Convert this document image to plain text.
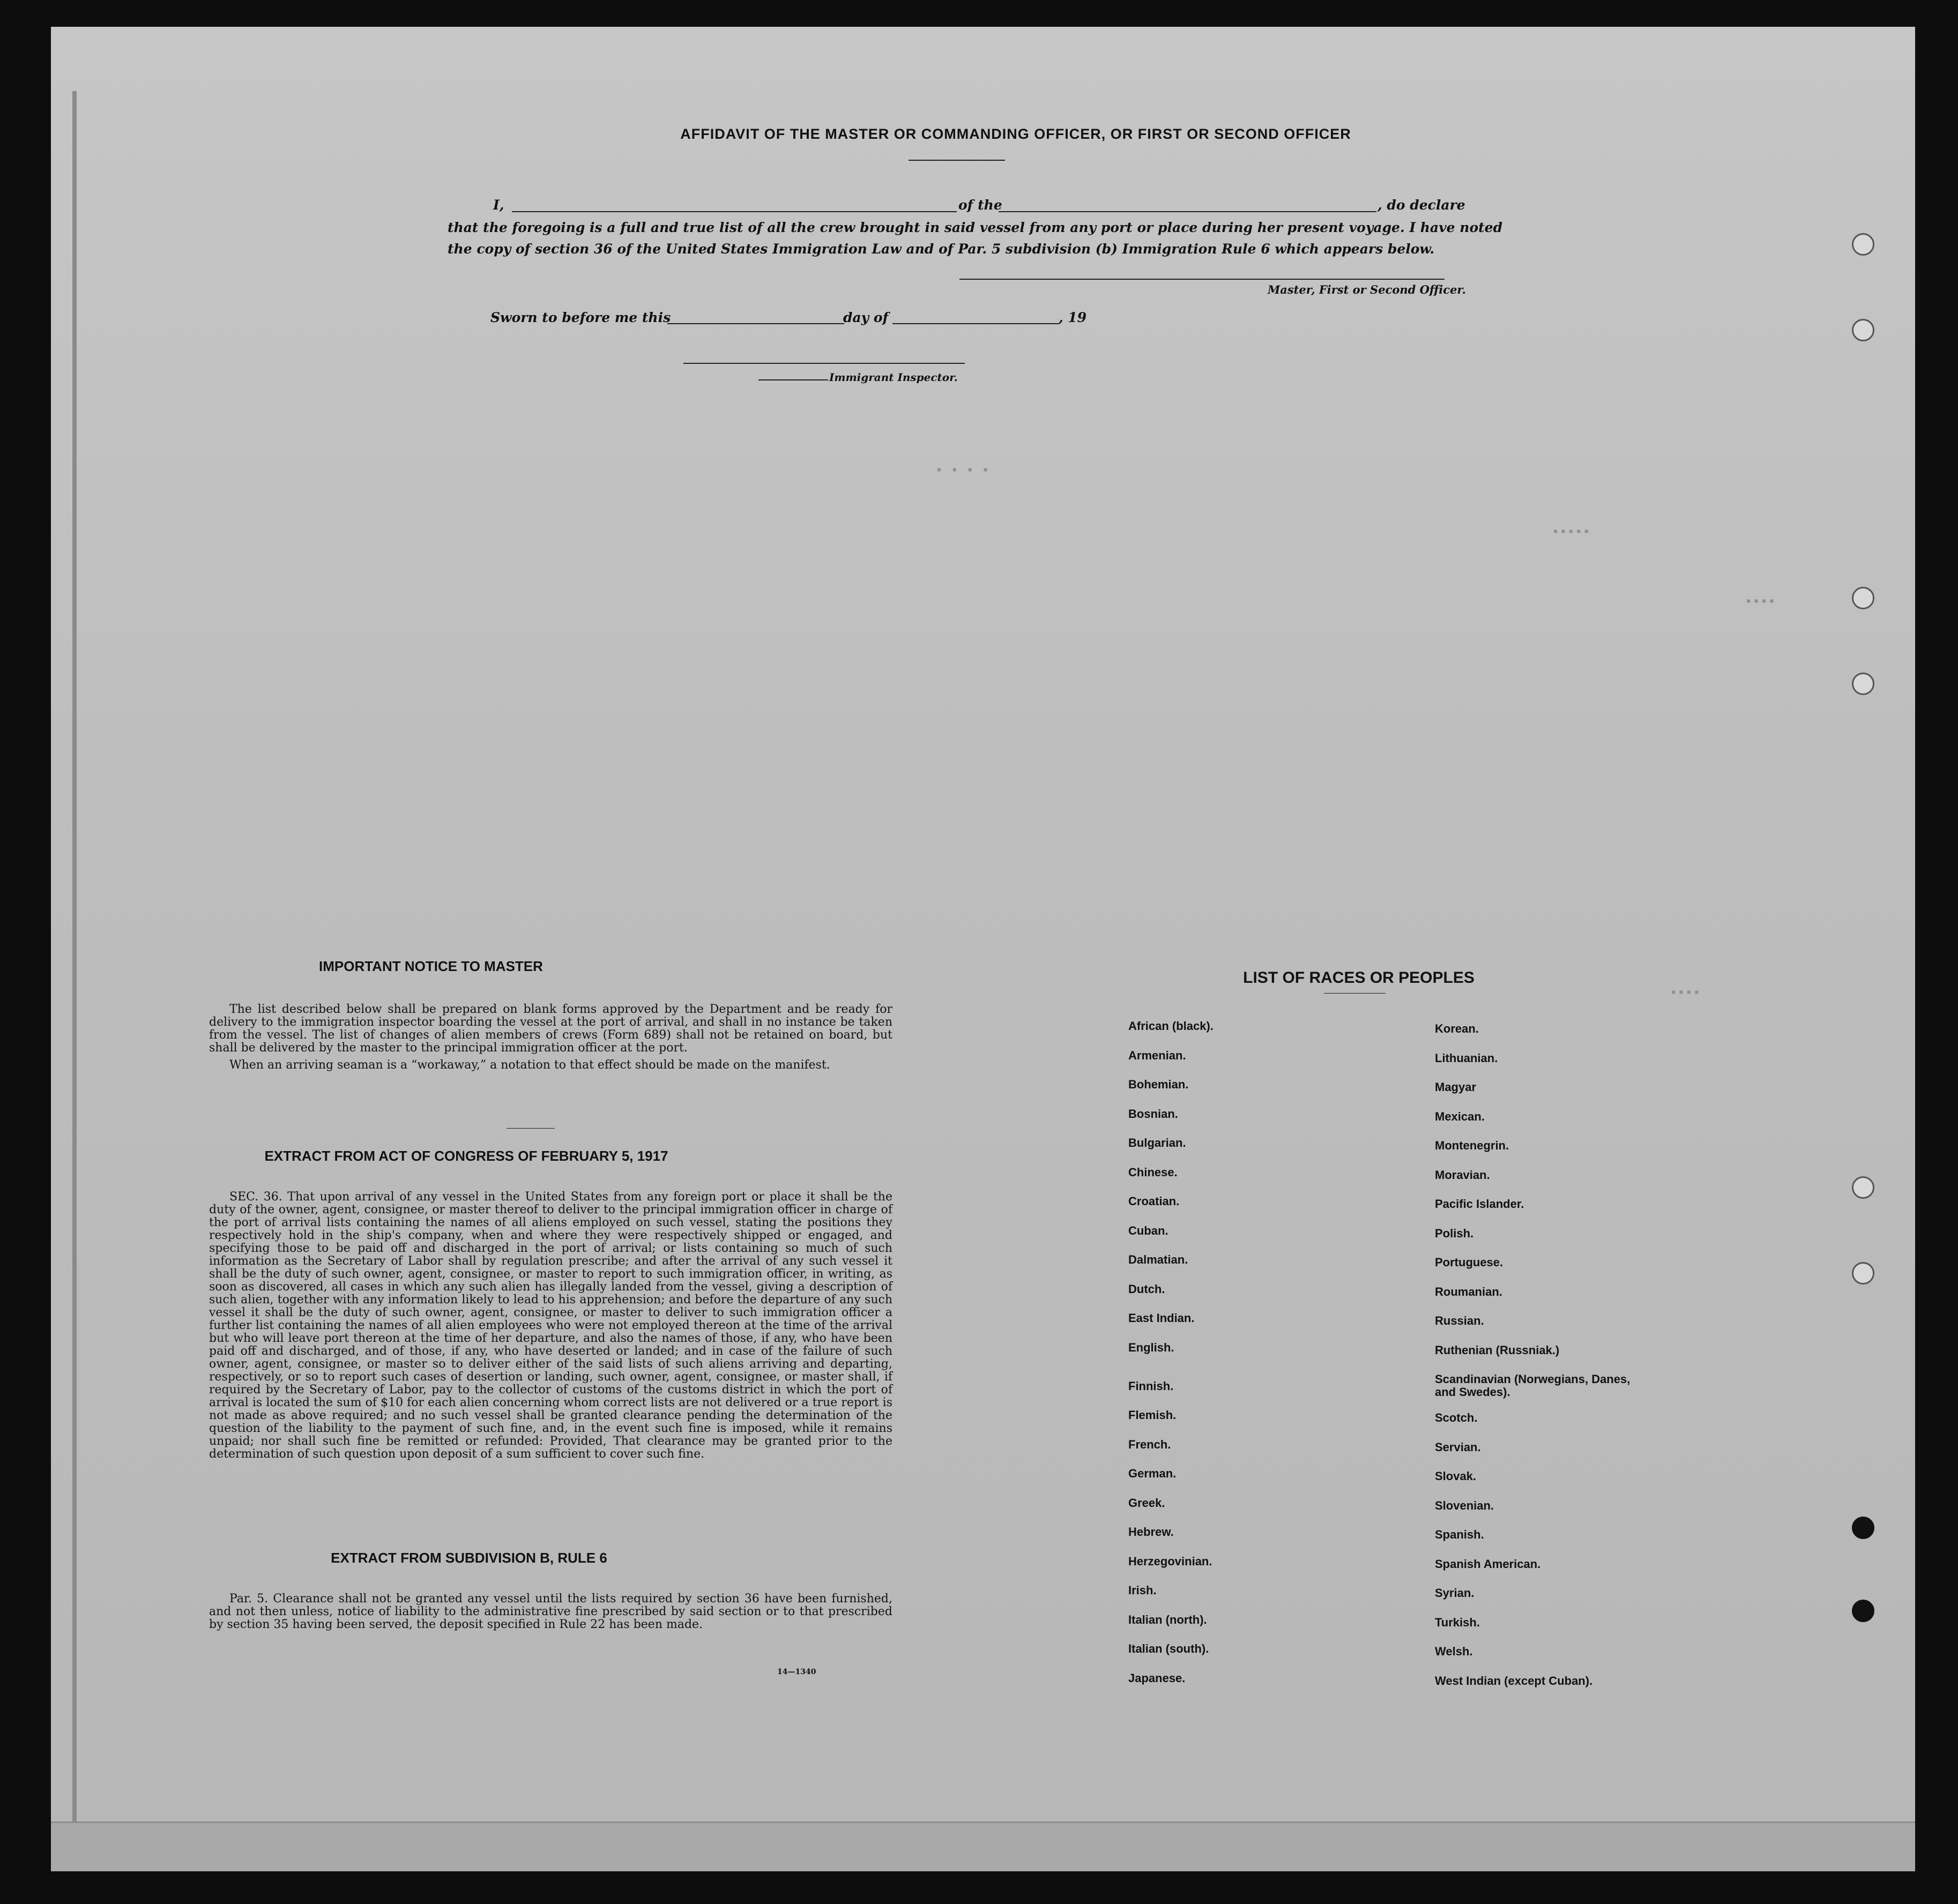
▪ ▪ ▪ ▪
▪▪▪▪▪
▪▪▪▪
▪▪▪▪
AFFIDAVIT OF THE MASTER OR COMMANDING OFFICER, OR FIRST OR SECOND OFFICER
I,	of the	, do declare
that the foregoing is a full and true list of all the crew brought in said vessel from any port or place during her present voyage. I have noted
the copy of section 36 of the United States Immigration Law and of Par. 5 subdivision (b) Immigration Rule 6 which appears below.
Master, First or Second Officer.
Sworn to before me this	day of	, 19
Immigrant Inspector.
IMPORTANT NOTICE TO MASTER

The list described below shall be prepared on blank forms approved by the Department and be ready for delivery to the immigration inspector boarding the vessel at the port of arrival, and shall in no instance be taken from the vessel. The list of changes of alien members of crews (Form 689) shall not be retained on board, but shall be delivered by the master to the principal immigration officer at the port.

When an arriving seaman is a “workaway,” a notation to that effect should be made on the manifest.

EXTRACT FROM ACT OF CONGRESS OF FEBRUARY 5, 1917

SEC. 36. That upon arrival of any vessel in the United States from any foreign port or place it shall be the duty of the owner, agent, consignee, or master thereof to deliver to the principal immigration officer in charge of the port of arrival lists containing the names of all aliens employed on such vessel, stating the positions they respectively hold in the ship's company, when and where they were respectively shipped or engaged, and specifying those to be paid off and discharged in the port of arrival; or lists containing so much of such information as the Secretary of Labor shall by regulation prescribe; and after the arrival of any such vessel it shall be the duty of such owner, agent, consignee, or master to report to such immigration officer, in writing, as soon as discovered, all cases in which any such alien has illegally landed from the vessel, giving a description of such alien, together with any information likely to lead to his apprehension; and before the departure of any such vessel it shall be the duty of such owner, agent, consignee, or master to deliver to such immigration officer a further list containing the names of all alien employees who were not employed thereon at the time of the arrival but who will leave port thereon at the time of her departure, and also the names of those, if any, who have been paid off and discharged, and of those, if any, who have deserted or landed; and in case of the failure of such owner, agent, consignee, or master so to deliver either of the said lists of such aliens arriving and departing, respectively, or so to report such cases of desertion or landing, such owner, agent, consignee, or master shall, if required by the Secretary of Labor, pay to the collector of customs of the customs district in which the port of arrival is located the sum of $10 for each alien concerning whom correct lists are not delivered or a true report is not made as above required; and no such vessel shall be granted clearance pending the determination of the question of the liability to the payment of such fine, and, in the event such fine is imposed, while it remains unpaid; nor shall such fine be remitted or refunded: Provided, That clearance may be granted prior to the determination of such question upon deposit of a sum sufficient to cover such fine.

EXTRACT FROM SUBDIVISION B, RULE 6

Par. 5. Clearance shall not be granted any vessel until the lists required by section 36 have been furnished, and not then unless, notice of liability to the administrative fine prescribed by said section or to that prescribed by section 35 having been served, the deposit specified in Rule 22 has been made.

14—1340
LIST OF RACES OR PEOPLES
African (black).
Armenian.
Bohemian.
Bosnian.
Bulgarian.
Chinese.
Croatian.
Cuban.
Dalmatian.
Dutch.
East Indian.
English.
Finnish.
Flemish.
French.
German.
Greek.
Hebrew.
Herzegovinian.
Irish.
Italian (north).
Italian (south).
Japanese.
Korean.
Lithuanian.
Magyar
Mexican.
Montenegrin.
Moravian.
Pacific Islander.
Polish.
Portuguese.
Roumanian.
Russian.
Ruthenian (Russniak.)
Scandinavian (Norwegians, Danes, and Swedes).
Scotch.
Servian.
Slovak.
Slovenian.
Spanish.
Spanish American.
Syrian.
Turkish.
Welsh.
West Indian (except Cuban).
